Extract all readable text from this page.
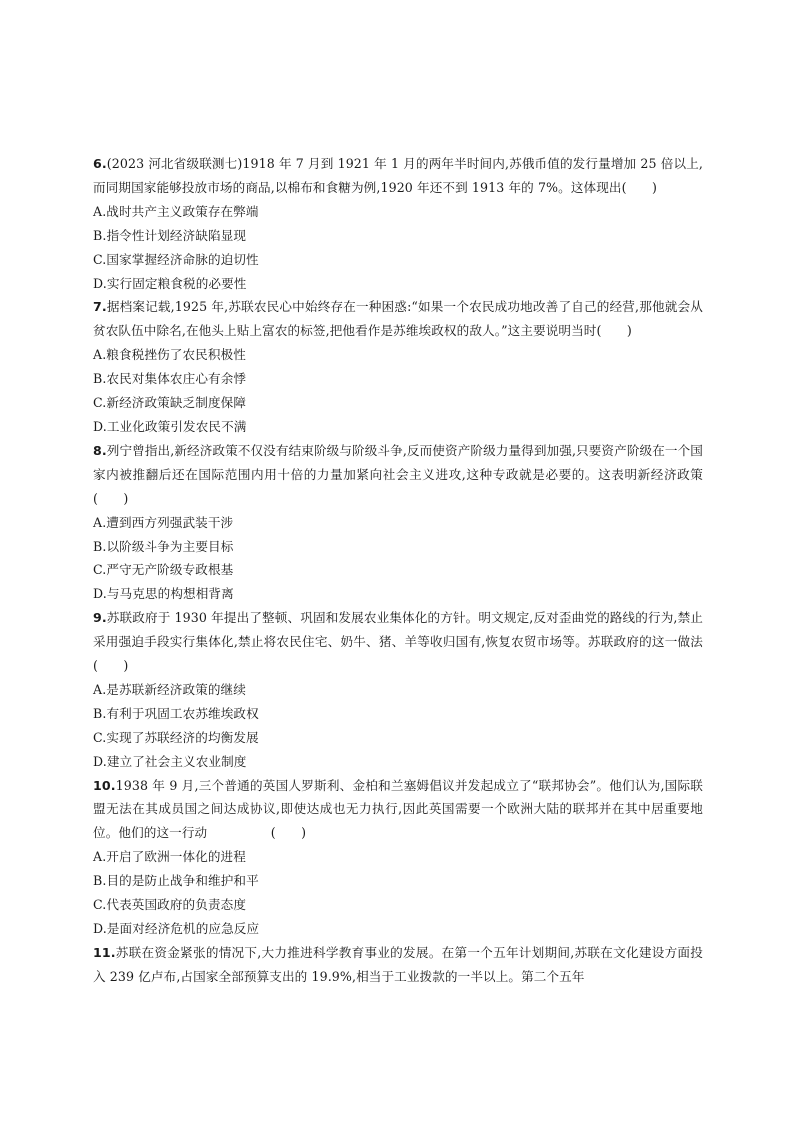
6.(2023 河北省级联测七)1918 年 7 月到 1921 年 1 月的两年半时间内,苏俄币值的发行量增加 25 倍以上,而同期国家能够投放市场的商品,以棉布和食糖为例,1920 年还不到 1913 年的 7%。这体现出(　　)

A.战时共产主义政策存在弊端

B.指令性计划经济缺陷显现

C.国家掌握经济命脉的迫切性

D.实行固定粮食税的必要性

7.据档案记载,1925 年,苏联农民心中始终存在一种困惑:“如果一个农民成功地改善了自己的经营,那他就会从贫农队伍中除名,在他头上贴上富农的标签,把他看作是苏维埃政权的敌人。”这主要说明当时(　　)

A.粮食税挫伤了农民积极性

B.农民对集体农庄心有余悸

C.新经济政策缺乏制度保障

D.工业化政策引发农民不满

8.列宁曾指出,新经济政策不仅没有结束阶级与阶级斗争,反而使资产阶级力量得到加强,只要资产阶级在一个国家内被推翻后还在国际范围内用十倍的力量加紧向社会主义进攻,这种专政就是必要的。这表明新经济政策(　　)

A.遭到西方列强武装干涉

B.以阶级斗争为主要目标

C.严守无产阶级专政根基

D.与马克思的构想相背离

9.苏联政府于 1930 年提出了整顿、巩固和发展农业集体化的方针。明文规定,反对歪曲党的路线的行为,禁止采用强迫手段实行集体化,禁止将农民住宅、奶牛、猪、羊等收归国有,恢复农贸市场等。苏联政府的这一做法(　　)

A.是苏联新经济政策的继续

B.有利于巩固工农苏维埃政权

C.实现了苏联经济的均衡发展

D.建立了社会主义农业制度

10.1938 年 9 月,三个普通的英国人罗斯利、金柏和兰塞姆倡议并发起成立了“联邦协会”。他们认为,国际联盟无法在其成员国之间达成协议,即使达成也无力执行,因此英国需要一个欧洲大陆的联邦并在其中居重要地位。他们的这一行动　　　　　(　　)

A.开启了欧洲一体化的进程

B.目的是防止战争和维护和平

C.代表英国政府的负责态度

D.是面对经济危机的应急反应

11.苏联在资金紧张的情况下,大力推进科学教育事业的发展。在第一个五年计划期间,苏联在文化建设方面投入 239 亿卢布,占国家全部预算支出的 19.9%,相当于工业拨款的一半以上。第二个五年
